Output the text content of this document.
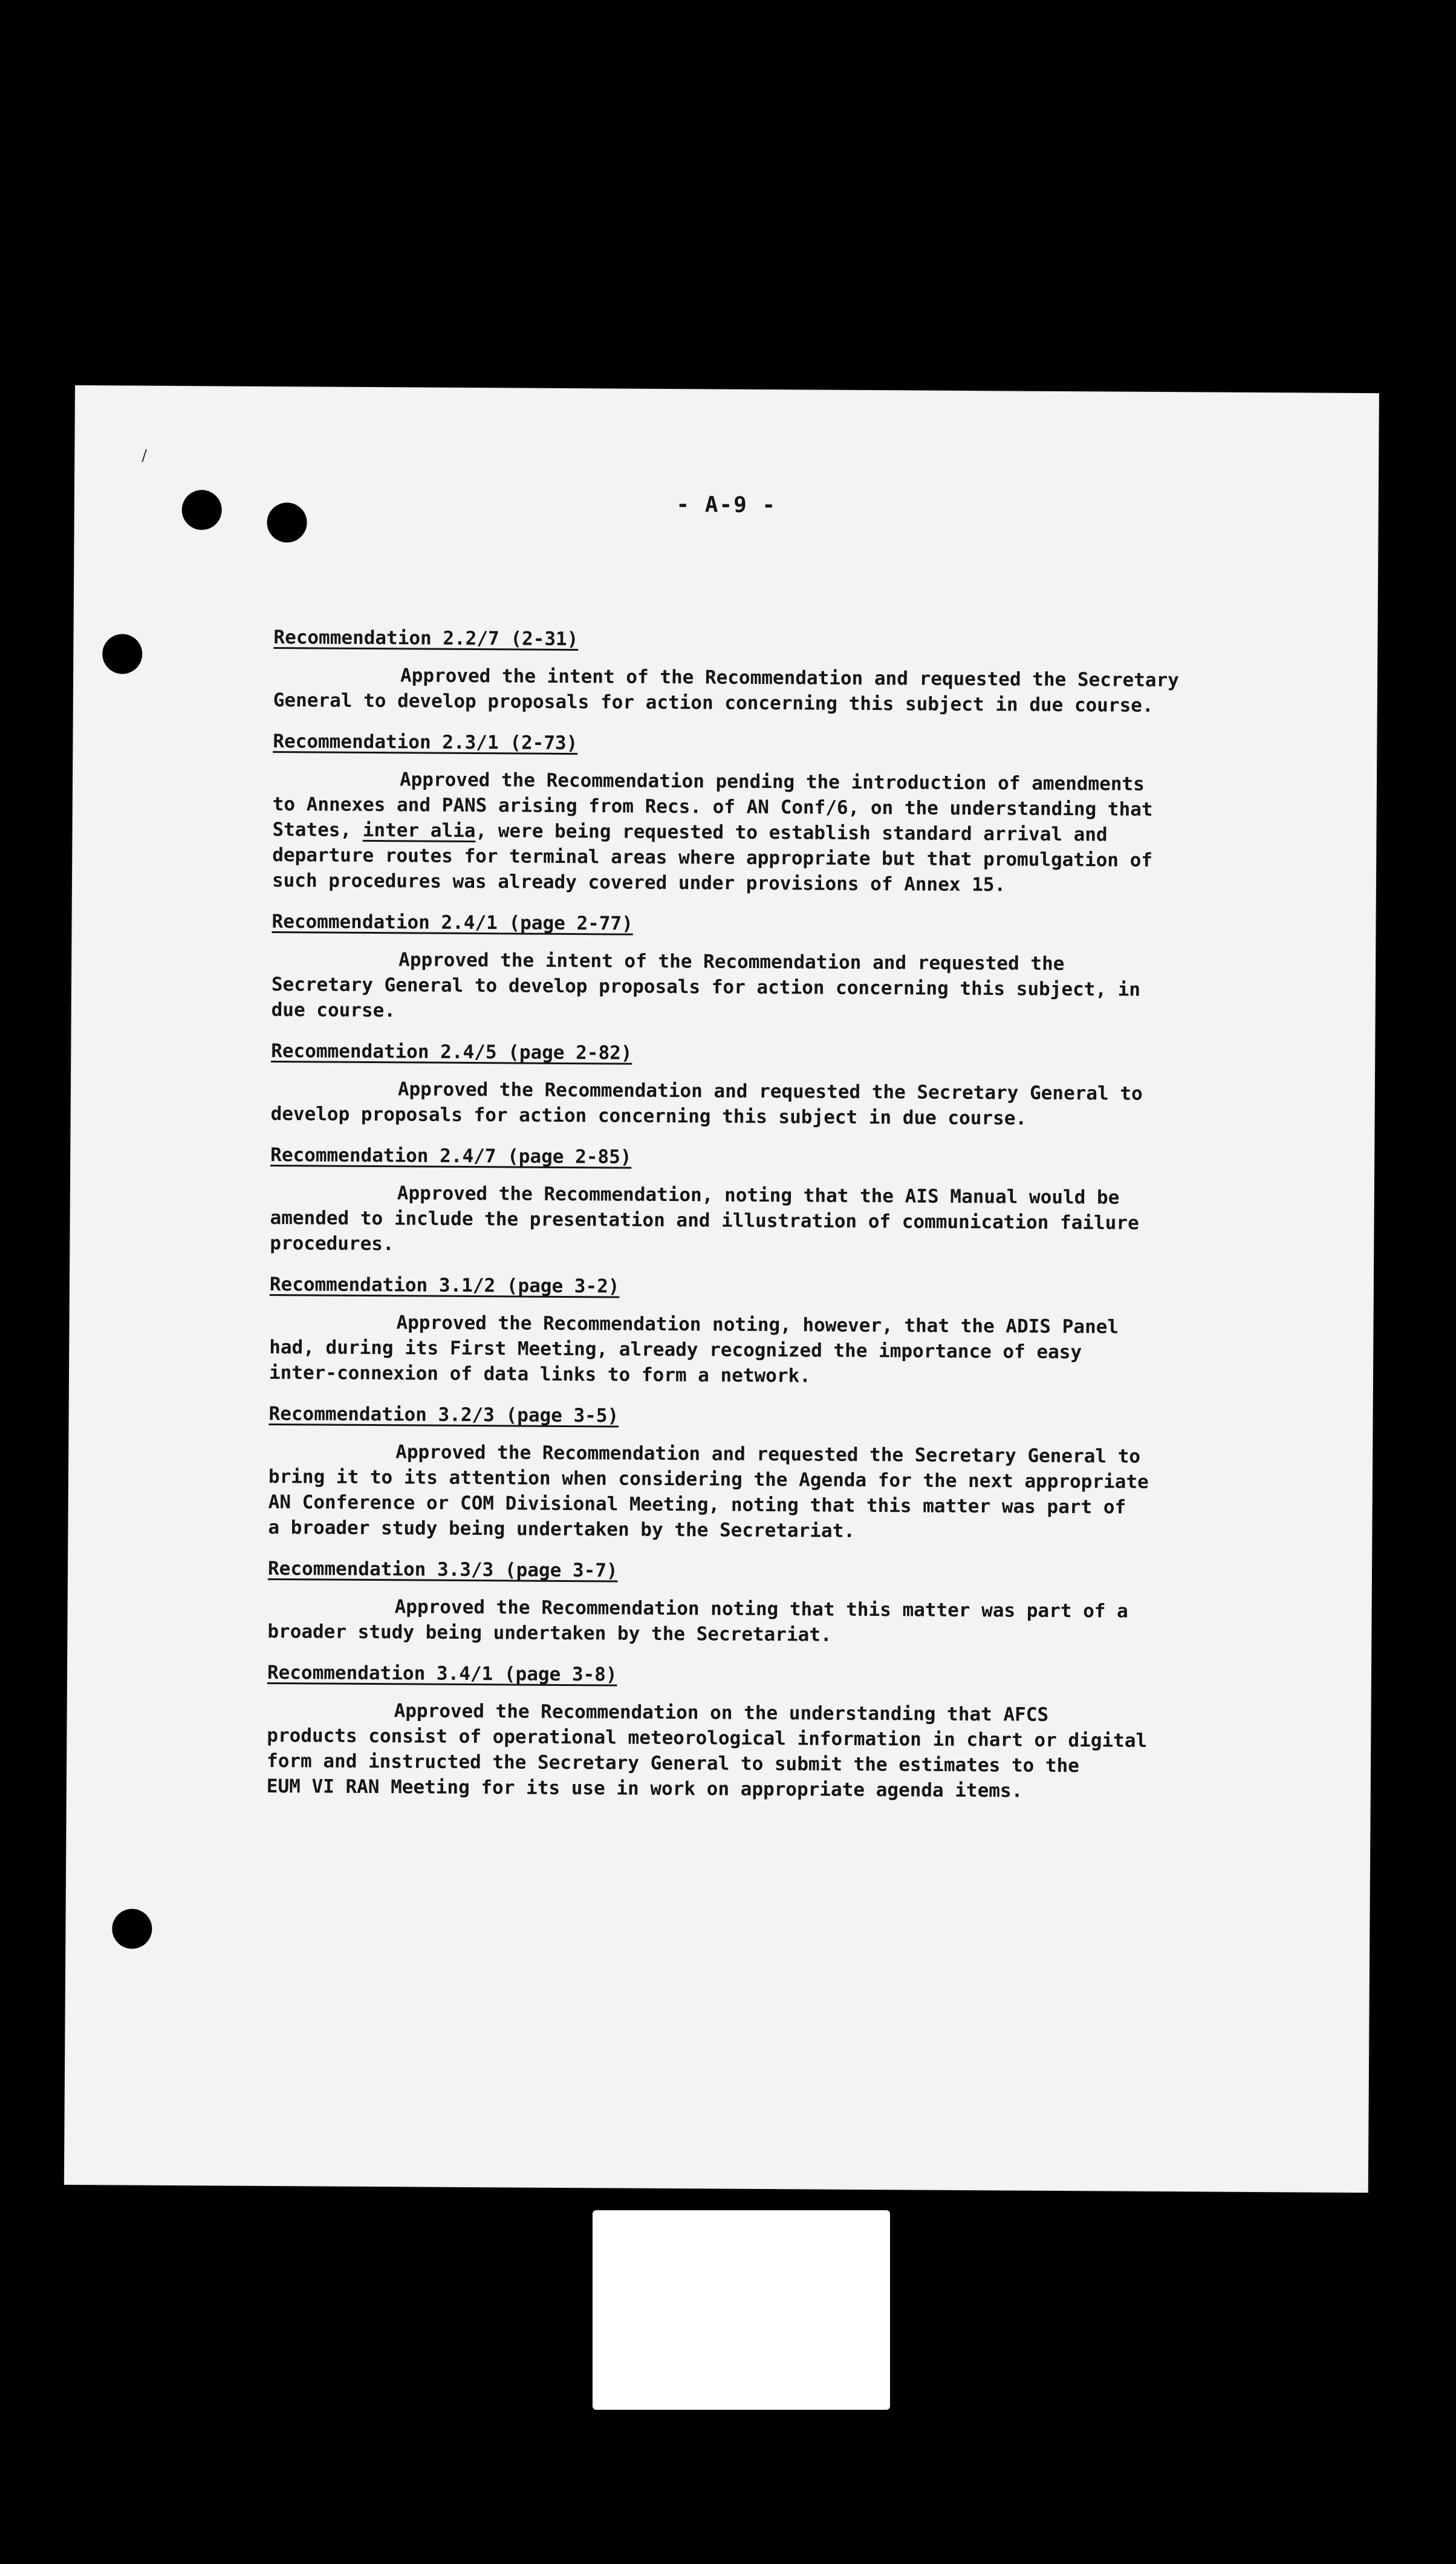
/
- A-9 -
Recommendation 2.2/7 (2-31)
Approved the intent of the Recommendation and requested the Secretary
General to develop proposals for action concerning this subject in due course.
Recommendation 2.3/1 (2-73)
Approved the Recommendation pending the introduction of amendments
to Annexes and PANS arising from Recs. of AN Conf/6, on the understanding that
States, inter alia, were being requested to establish standard arrival and
departure routes for terminal areas where appropriate but that promulgation of
such procedures was already covered under provisions of Annex 15.
Recommendation 2.4/1 (page 2-77)
Approved the intent of the Recommendation and requested the
Secretary General to develop proposals for action concerning this subject, in
due course.
Recommendation 2.4/5 (page 2-82)
Approved the Recommendation and requested the Secretary General to
develop proposals for action concerning this subject in due course.
Recommendation 2.4/7 (page 2-85)
Approved the Recommendation, noting that the AIS Manual would be
amended to include the presentation and illustration of communication failure
procedures.
Recommendation 3.1/2 (page 3-2)
Approved the Recommendation noting, however, that the ADIS Panel
had, during its First Meeting, already recognized the importance of easy
inter-connexion of data links to form a network.
Recommendation 3.2/3 (page 3-5)
Approved the Recommendation and requested the Secretary General to
bring it to its attention when considering the Agenda for the next appropriate
AN Conference or COM Divisional Meeting, noting that this matter was part of
a broader study being undertaken by the Secretariat.
Recommendation 3.3/3 (page 3-7)
Approved the Recommendation noting that this matter was part of a
broader study being undertaken by the Secretariat.
Recommendation 3.4/1 (page 3-8)
Approved the Recommendation on the understanding that AFCS
products consist of operational meteorological information in chart or digital
form and instructed the Secretary General to submit the estimates to the
EUM VI RAN Meeting for its use in work on appropriate agenda items.
